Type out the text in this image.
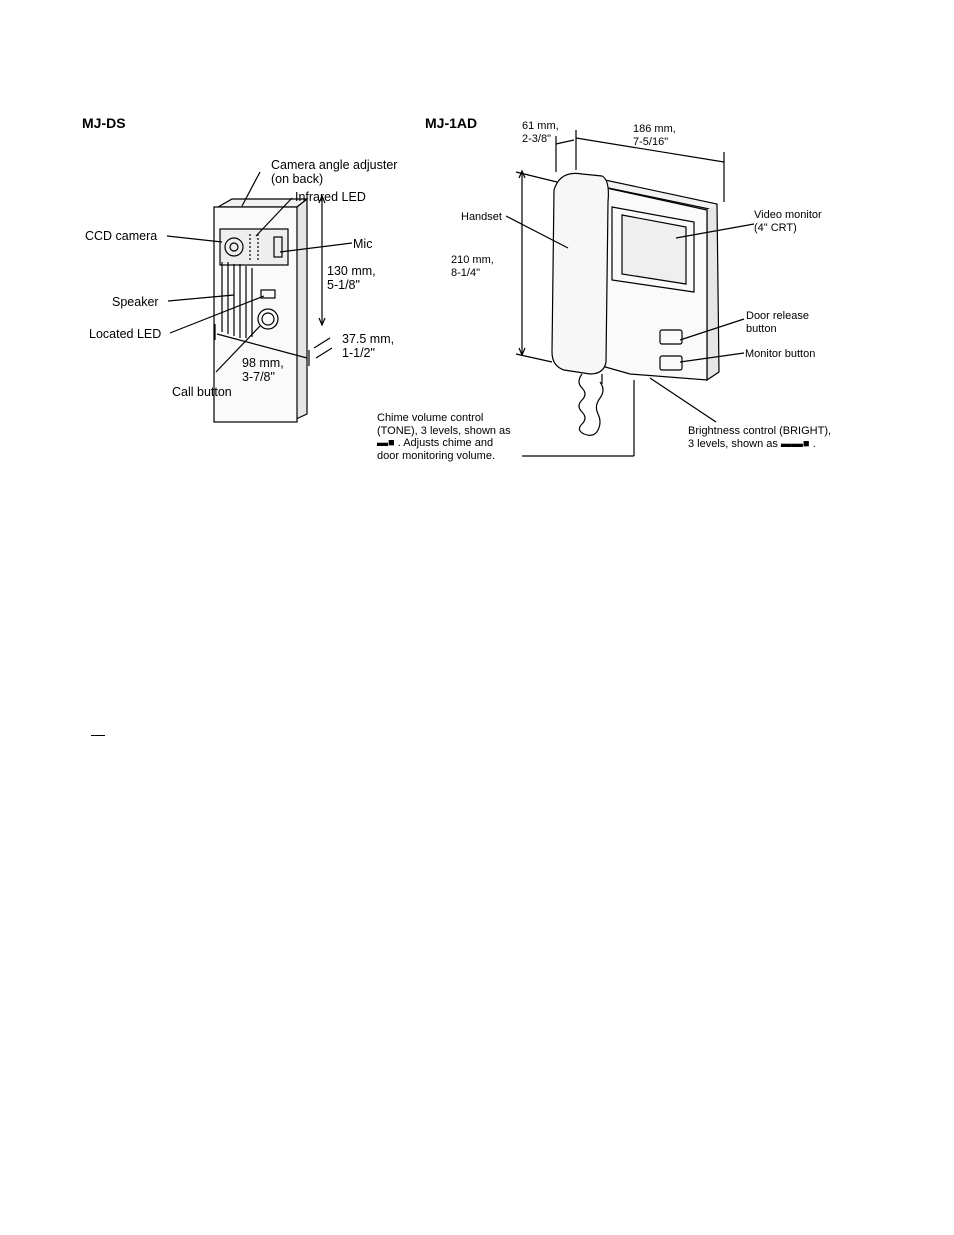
MJ-DS
Camera angle adjuster
(on back)
Infrared LED
CCD camera
Mic
130 mm,
5-1/8"
Speaker
Located LED	37.5 mm,
1-1/2"
98 mm,
3-7/8"
Call button
MJ-1AD	61 mm,
2-3/8"
186 mm,
7-5/16"
Handset	Video monitor
(4" CRT)
210 mm,
8-1/4"
Door release
button
Monitor button
Chime volume control
(TONE), 3 levels, shown as
▬■ . Adjusts chime and
door monitoring volume.
Brightness control (BRIGHT),
3 levels, shown as ▬▬■ .
